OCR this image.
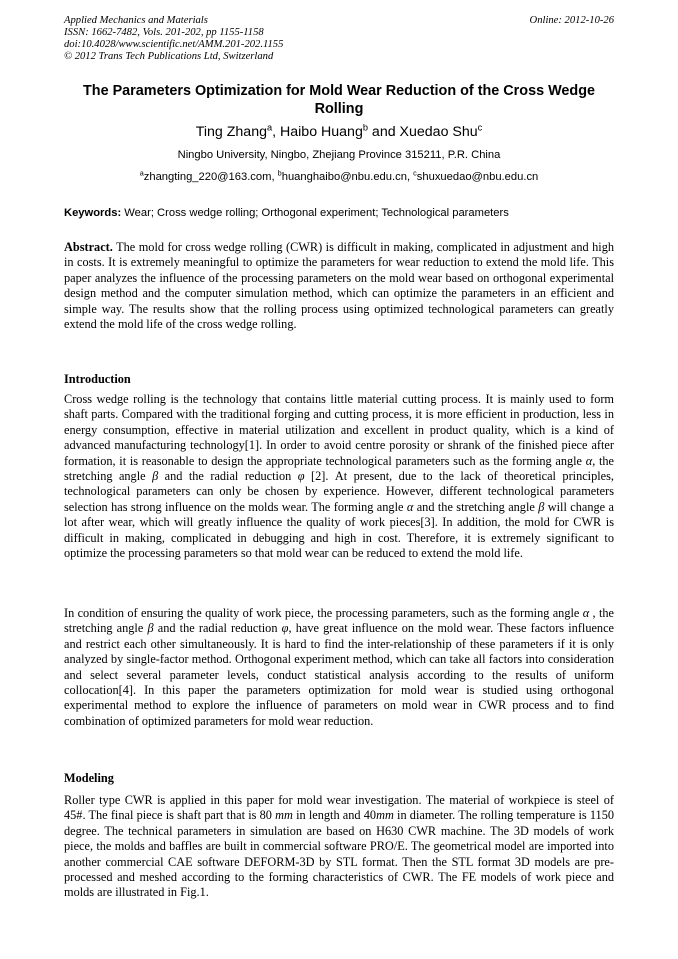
Applied Mechanics and Materials
ISSN: 1662-7482, Vols. 201-202, pp 1155-1158
doi:10.4028/www.scientific.net/AMM.201-202.1155
© 2012 Trans Tech Publications Ltd, Switzerland
Online: 2012-10-26
The Parameters Optimization for Mold Wear Reduction of the Cross Wedge Rolling
Ting Zhang$^a$, Haibo Huang$^b$ and Xuedao Shu$^c$
Ningbo University, Ningbo, Zhejiang Province 315211, P.R. China
$^a$zhangting_220@163.com, $^b$huanghaibo@nbu.edu.cn, $^c$shuxuedao@nbu.edu.cn
Keywords: Wear; Cross wedge rolling; Orthogonal experiment; Technological parameters
Abstract. The mold for cross wedge rolling (CWR) is difficult in making, complicated in adjustment and high in costs. It is extremely meaningful to optimize the parameters for wear reduction to extend the mold life. This paper analyzes the influence of the processing parameters on the mold wear based on orthogonal experimental design method and the computer simulation method, which can optimize the parameters in an efficient and simple way. The results show that the rolling process using optimized technological parameters can greatly extend the mold life of the cross wedge rolling.
Introduction
Cross wedge rolling is the technology that contains little material cutting process. It is mainly used to form shaft parts. Compared with the traditional forging and cutting process, it is more efficient in production, less in energy consumption, effective in material utilization and excellent in product quality, which is a kind of advanced manufacturing technology[1]. In order to avoid centre porosity or shrank of the finished piece after formation, it is reasonable to design the appropriate technological parameters such as the forming angle α, the stretching angle β and the radial reduction φ [2]. At present, due to the lack of theoretical principles, technological parameters can only be chosen by experience. However, different technological parameters selection has strong influence on the molds wear. The forming angle α and the stretching angle β will change a lot after wear, which will greatly influence the quality of work pieces[3]. In addition, the mold for CWR is difficult in making, complicated in debugging and high in cost. Therefore, it is extremely significant to optimize the processing parameters so that mold wear can be reduced to extend the mold life.
In condition of ensuring the quality of work piece, the processing parameters, such as the forming angle α , the stretching angle β and the radial reduction φ, have great influence on the mold wear. These factors influence and restrict each other simultaneously. It is hard to find the inter-relationship of these parameters if it is only analyzed by single-factor method. Orthogonal experiment method, which can take all factors into consideration and select several parameter levels, conduct statistical analysis according to the results of uniform collocation[4]. In this paper the parameters optimization for mold wear is studied using orthogonal experimental method to explore the influence of parameters on mold wear in CWR process and to find combination of optimized parameters for mold wear reduction.
Modeling
Roller type CWR is applied in this paper for mold wear investigation. The material of workpiece is steel of 45#. The final piece is shaft part that is 80 mm in length and 40mm in diameter. The rolling temperature is 1150 degree. The technical parameters in simulation are based on H630 CWR machine. The 3D models of work piece, the molds and baffles are built in commercial software PRO/E. The geometrical model are imported into another commercial CAE software DEFORM-3D by STL format. Then the STL format 3D models are pre-processed and meshed according to the forming characteristics of CWR. The FE models of work piece and molds are illustrated in Fig.1.
